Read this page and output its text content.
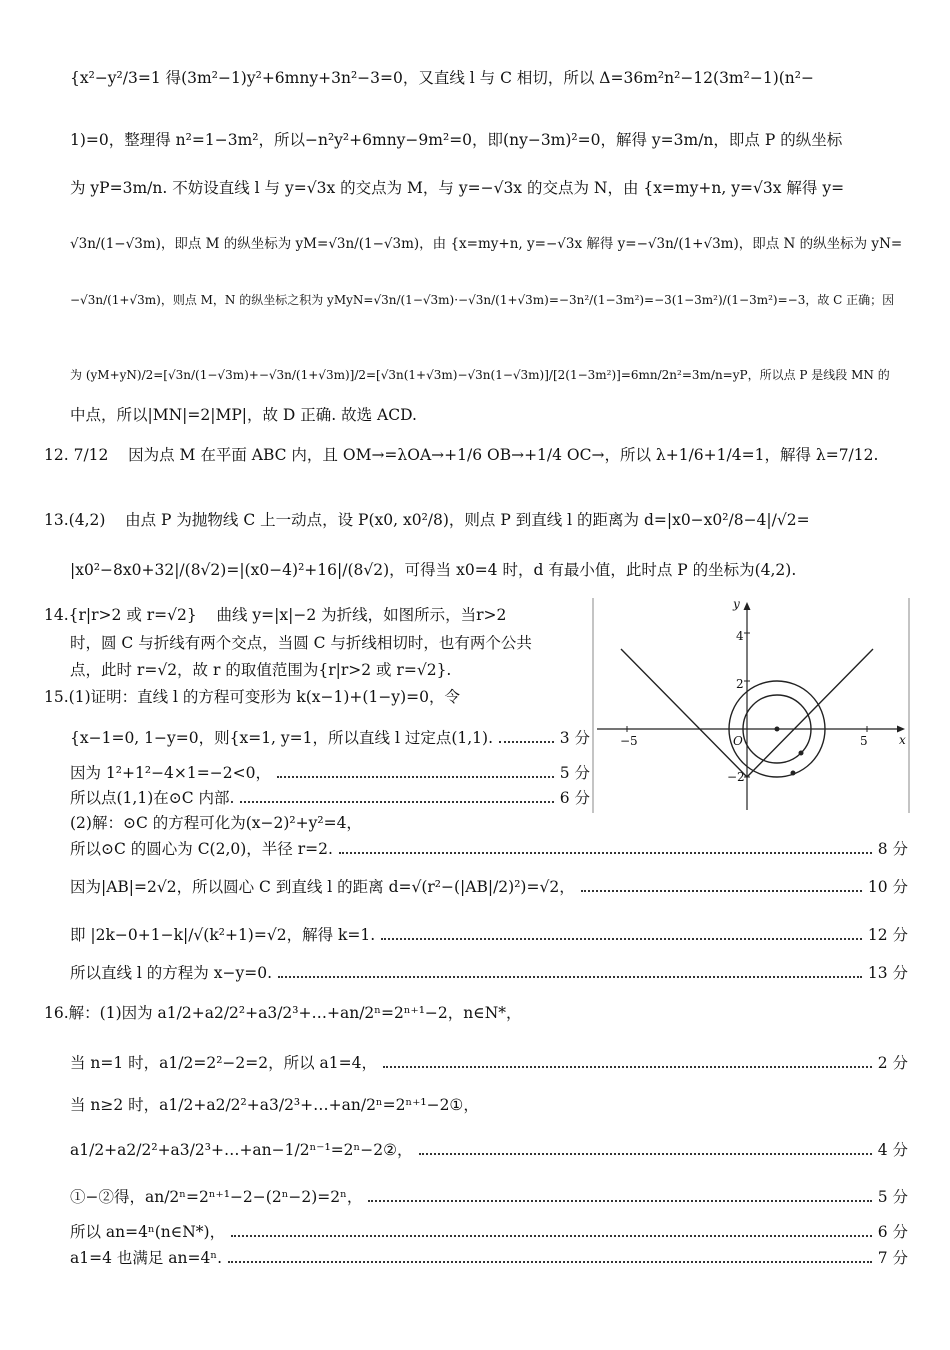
{x²−y²/3=1 得(3m²−1)y²+6mny+3n²−3=0，又直线 l 与 C 相切，所以 Δ=36m²n²−12(3m²−1)(n²−
1)=0，整理得 n²=1−3m²，所以−n²y²+6mny−9m²=0，即(ny−3m)²=0，解得 y=3m/n，即点 P 的纵坐标
为 yP=3m/n. 不妨设直线 l 与 y=√3x 的交点为 M，与 y=−√3x 的交点为 N，由 {x=my+n, y=√3x 解得 y=
√3n/(1−√3m)，即点 M 的纵坐标为 yM=√3n/(1−√3m)，由 {x=my+n, y=−√3x 解得 y=−√3n/(1+√3m)，即点 N 的纵坐标为 yN=
−√3n/(1+√3m)，则点 M，N 的纵坐标之积为 yMyN=√3n/(1−√3m)·−√3n/(1+√3m)=−3n²/(1−3m²)=−3(1−3m²)/(1−3m²)=−3，故 C 正确；因
为 (yM+yN)/2=[√3n/(1−√3m)+−√3n/(1+√3m)]/2=[√3n(1+√3m)−√3n(1−√3m)]/[2(1−3m²)]=6mn/2n²=3m/n=yP，所以点 P 是线段 MN 的
中点，所以|MN|=2|MP|，故 D 正确. 故选 ACD.
12. 7/12 因为点 M 在平面 ABC 内，且 OM→=λOA→+1/6 OB→+1/4 OC→，所以 λ+1/6+1/4=1，解得 λ=7/12.
13.(4,2) 由点 P 为抛物线 C 上一动点，设 P(x0, x0²/8)，则点 P 到直线 l 的距离为 d=|x0−x0²/8−4|/√2=
|x0²−8x0+32|/(8√2)=|(x0−4)²+16|/(8√2)，可得当 x0=4 时，d 有最小值，此时点 P 的坐标为(4,2).
14.{r|r>2 或 r=√2} 曲线 y=|x|−2 为折线，如图所示，当r>2
时，圆 C 与折线有两个交点，当圆 C 与折线相切时，也有两个公共
点，此时 r=√2，故 r 的取值范围为{r|r>2 或 r=√2}.
x
y
O
−5	5
4
2
−2
15.(1)证明：直线 l 的方程可变形为 k(x−1)+(1−y)=0，令
{x−1=0, 1−y=0，则{x=1, y=1，所以直线 l 过定点(1,1).	3 分
因为 1²+1²−4×1=−2<0，	5 分
所以点(1,1)在⊙C 内部.	6 分
(2)解：⊙C 的方程可化为(x−2)²+y²=4，
所以⊙C 的圆心为 C(2,0)，半径 r=2.	8 分
因为|AB|=2√2，所以圆心 C 到直线 l 的距离 d=√(r²−(|AB|/2)²)=√2，	10 分
即 |2k−0+1−k|/√(k²+1)=√2，解得 k=1.	12 分
所以直线 l 的方程为 x−y=0.	13 分
16.解：(1)因为 a1/2+a2/2²+a3/2³+…+an/2ⁿ=2ⁿ⁺¹−2，n∈N*，
当 n=1 时，a1/2=2²−2=2，所以 a1=4，	2 分
当 n≥2 时，a1/2+a2/2²+a3/2³+…+an/2ⁿ=2ⁿ⁺¹−2①，
a1/2+a2/2²+a3/2³+…+an−1/2ⁿ⁻¹=2ⁿ−2②，	4 分
①−②得，an/2ⁿ=2ⁿ⁺¹−2−(2ⁿ−2)=2ⁿ，	5 分
所以 an=4ⁿ(n∈N*)，	6 分
a1=4 也满足 an=4ⁿ.	7 分
